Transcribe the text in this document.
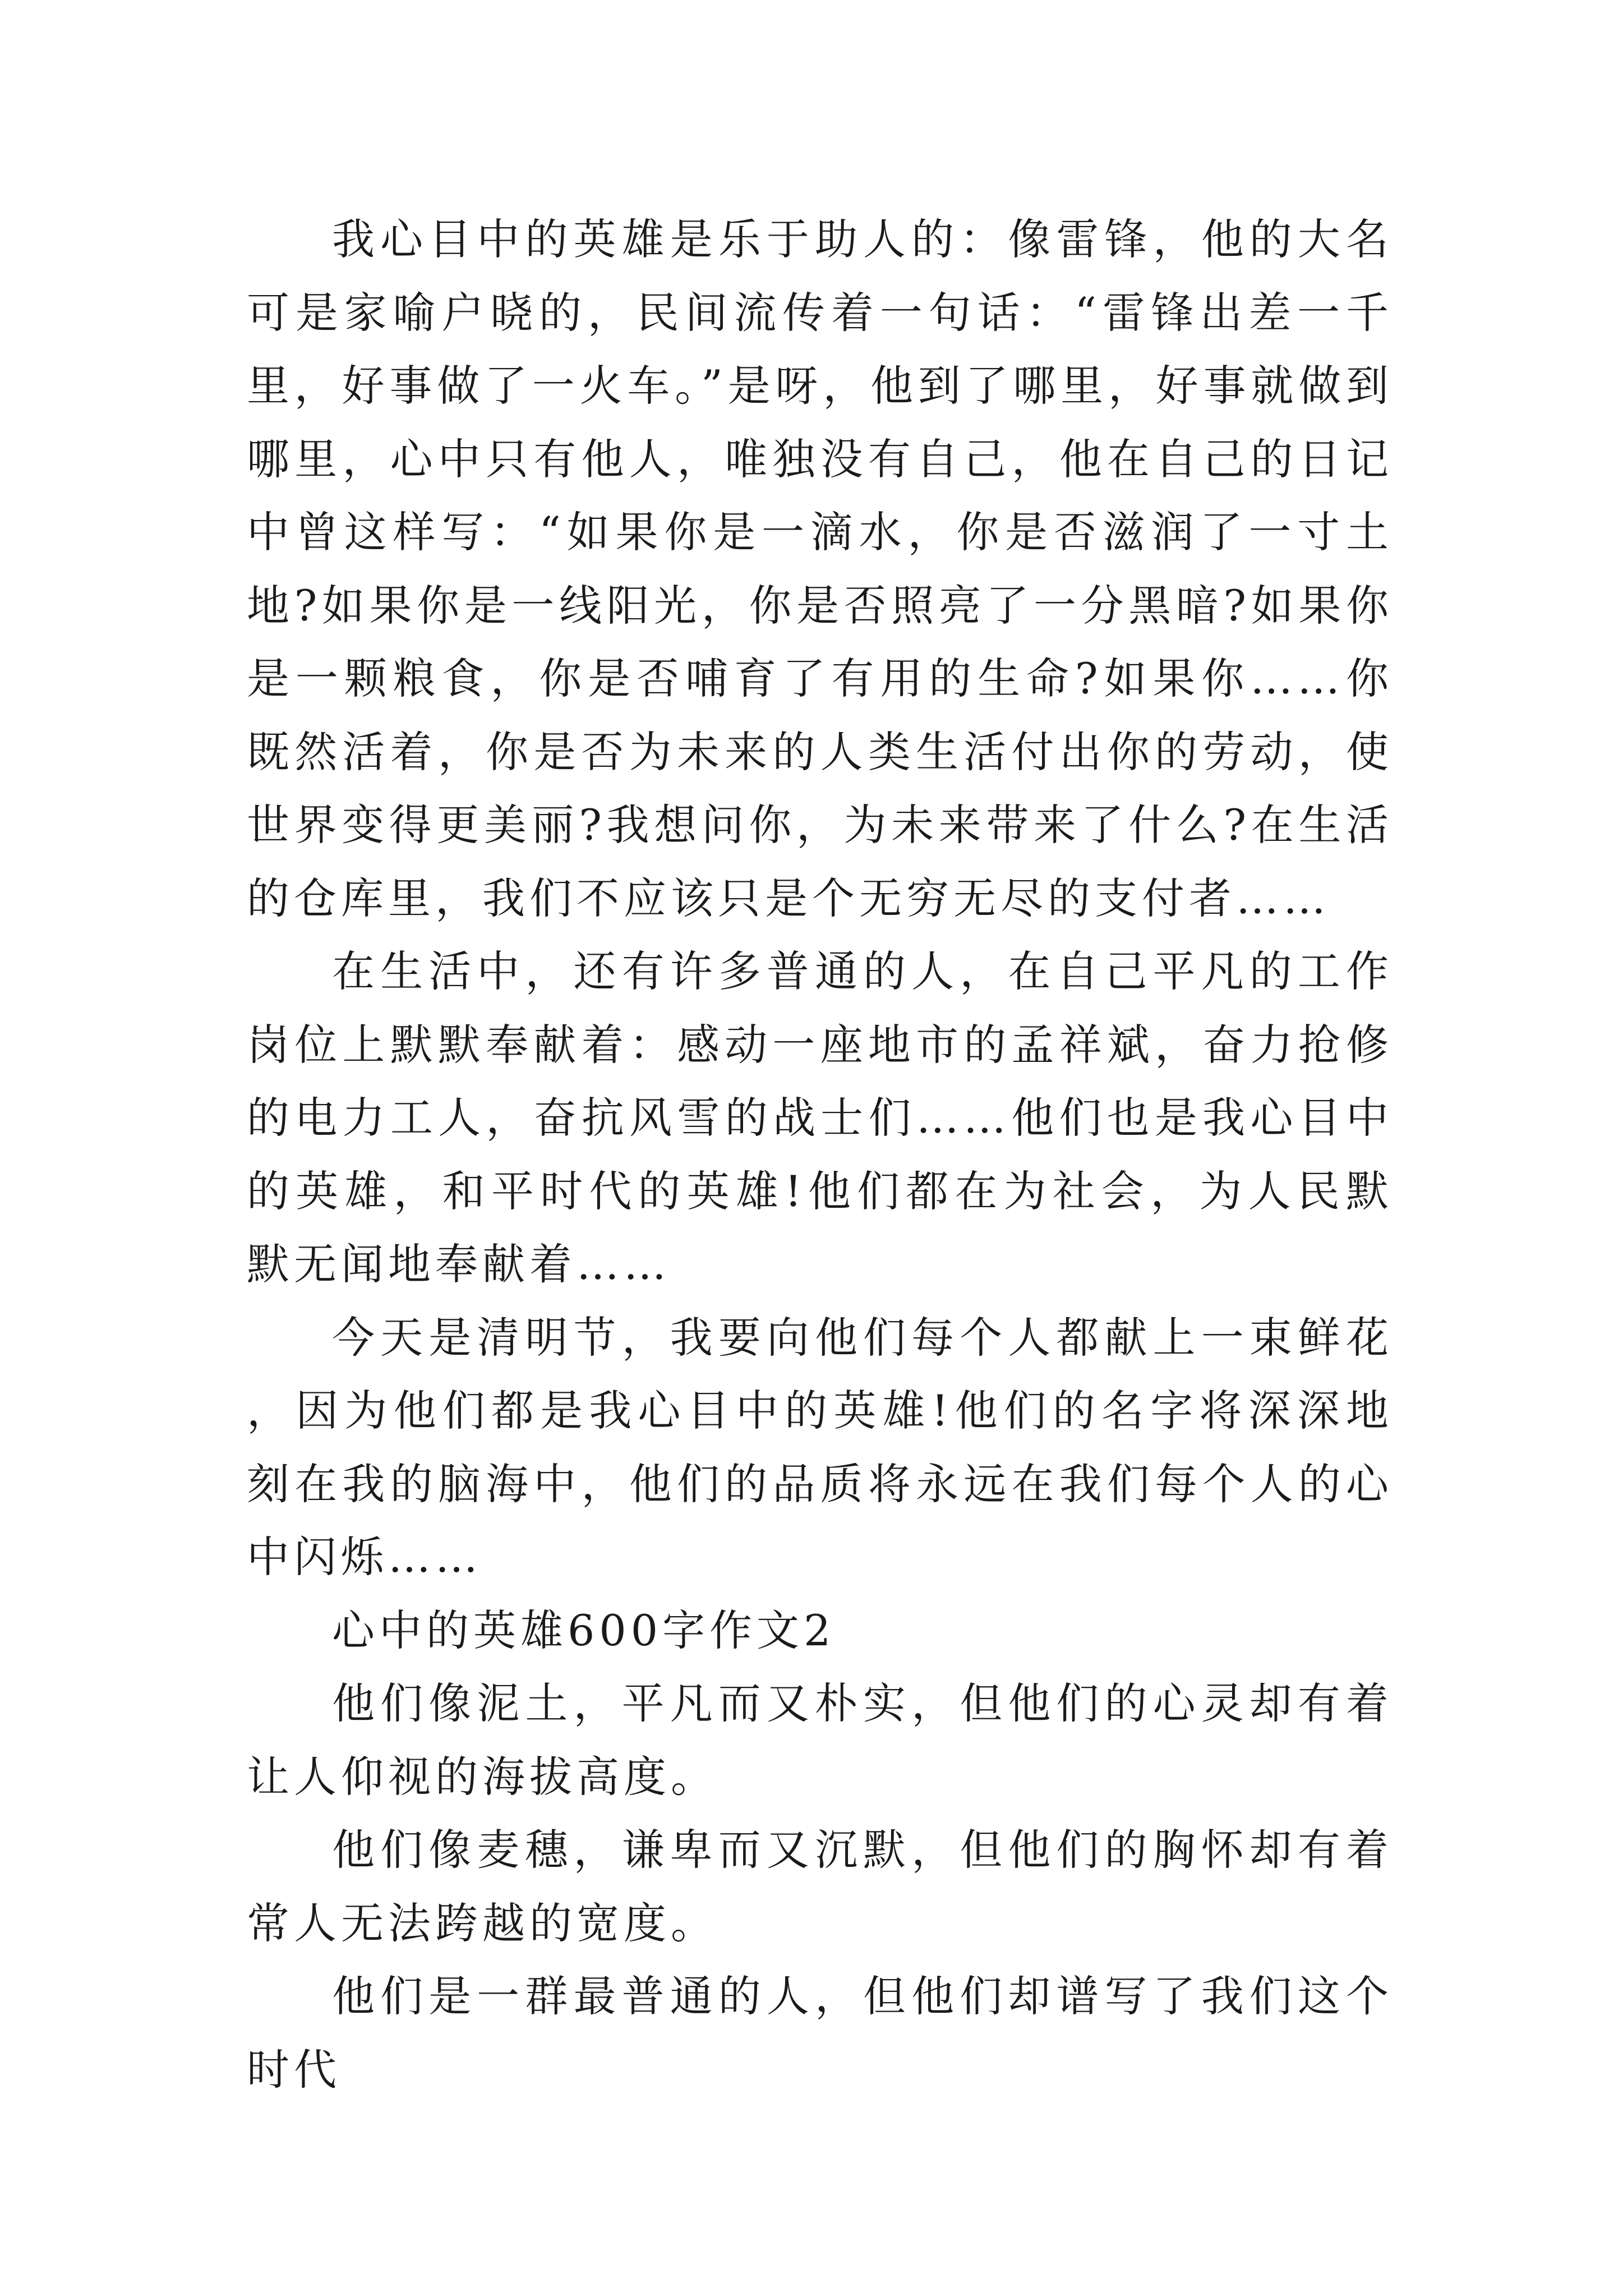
我心目中的英雄是乐于助人的：像雷锋，他的大名可是家喻户晓的，民间流传着一句话：“雷锋出差一千里，好事做了一火车。”是呀，他到了哪里，好事就做到哪里，心中只有他人，唯独没有自己，他在自己的日记中曾这样写：“如果你是一滴水，你是否滋润了一寸土地?如果你是一线阳光，你是否照亮了一分黑暗?如果你是一颗粮食，你是否哺育了有用的生命?如果你……你既然活着，你是否为未来的人类生活付出你的劳动，使世界变得更美丽?我想问你，为未来带来了什么?在生活的仓库里，我们不应该只是个无穷无尽的支付者……

在生活中，还有许多普通的人，在自己平凡的工作岗位上默默奉献着：感动一座地市的孟祥斌，奋力抢修的电力工人，奋抗风雪的战士们……他们也是我心目中的英雄，和平时代的英雄!他们都在为社会，为人民默默无闻地奉献着……

今天是清明节，我要向他们每个人都献上一束鲜花，因为他们都是我心目中的英雄!他们的名字将深深地刻在我的脑海中，他们的品质将永远在我们每个人的心中闪烁……

心中的英雄600字作文2

他们像泥土，平凡而又朴实，但他们的心灵却有着让人仰视的海拔高度。

他们像麦穗，谦卑而又沉默，但他们的胸怀却有着常人无法跨越的宽度。

他们是一群最普通的人，但他们却谱写了我们这个时代
